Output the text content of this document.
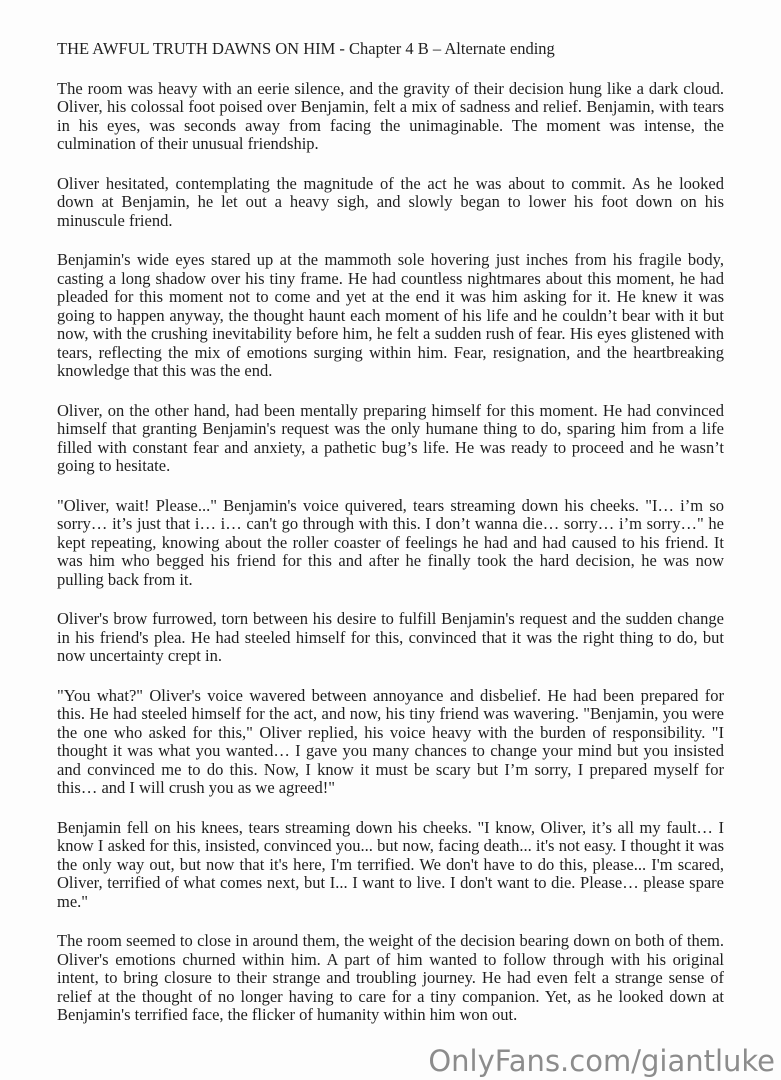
THE AWFUL TRUTH DAWNS ON HIM - Chapter 4 B – Alternate ending

The room was heavy with an eerie silence, and the gravity of their decision hung like a dark cloud. Oliver, his colossal foot poised over Benjamin, felt a mix of sadness and relief. Benjamin, with tears in his eyes, was seconds away from facing the unimaginable. The moment was intense, the culmination of their unusual friendship.

Oliver hesitated, contemplating the magnitude of the act he was about to commit. As he looked down at Benjamin, he let out a heavy sigh, and slowly began to lower his foot down on his minuscule friend.

Benjamin's wide eyes stared up at the mammoth sole hovering just inches from his fragile body, casting a long shadow over his tiny frame. He had countless nightmares about this moment, he had pleaded for this moment not to come and yet at the end it was him asking for it. He knew it was going to happen anyway, the thought haunt each moment of his life and he couldn’t bear with it but now, with the crushing inevitability before him, he felt a sudden rush of fear. His eyes glistened with tears, reflecting the mix of emotions surging within him. Fear, resignation, and the heartbreaking knowledge that this was the end.

Oliver, on the other hand, had been mentally preparing himself for this moment. He had convinced himself that granting Benjamin's request was the only humane thing to do, sparing him from a life filled with constant fear and anxiety, a pathetic bug’s life. He was ready to proceed and he wasn’t going to hesitate.

"Oliver, wait! Please..." Benjamin's voice quivered, tears streaming down his cheeks. "I… i’m so sorry… it’s just that i… i… can't go through with this. I don’t wanna die… sorry… i’m sorry…" he kept repeating, knowing about the roller coaster of feelings he had and had caused to his friend. It was him who begged his friend for this and after he finally took the hard decision, he was now pulling back from it.

Oliver's brow furrowed, torn between his desire to fulfill Benjamin's request and the sudden change in his friend's plea. He had steeled himself for this, convinced that it was the right thing to do, but now uncertainty crept in.

"You what?" Oliver's voice wavered between annoyance and disbelief. He had been prepared for this. He had steeled himself for the act, and now, his tiny friend was wavering. "Benjamin, you were the one who asked for this," Oliver replied, his voice heavy with the burden of responsibility. "I thought it was what you wanted… I gave you many chances to change your mind but you insisted and convinced me to do this. Now, I know it must be scary but I’m sorry, I prepared myself for this… and I will crush you as we agreed!"

Benjamin fell on his knees, tears streaming down his cheeks. "I know, Oliver, it’s all my fault… I know I asked for this, insisted, convinced you... but now, facing death... it's not easy. I thought it was the only way out, but now that it's here, I'm terrified. We don't have to do this, please... I'm scared, Oliver, terrified of what comes next, but I... I want to live. I don't want to die. Please… please spare me."

The room seemed to close in around them, the weight of the decision bearing down on both of them. Oliver's emotions churned within him. A part of him wanted to follow through with his original intent, to bring closure to their strange and troubling journey. He had even felt a strange sense of relief at the thought of no longer having to care for a tiny companion. Yet, as he looked down at Benjamin's terrified face, the flicker of humanity within him won out.

OnlyFans.com/giantluke
